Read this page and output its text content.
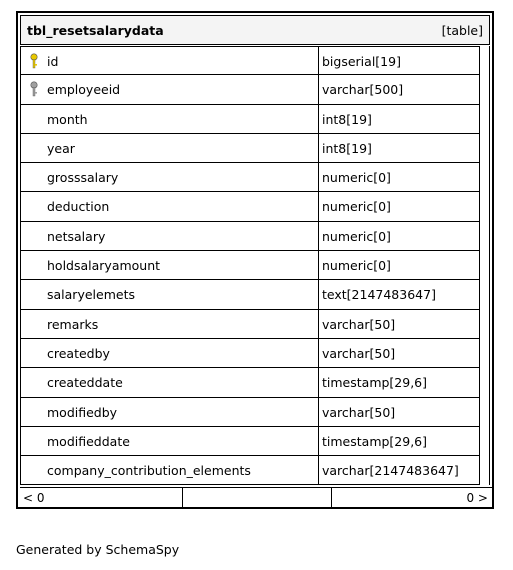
tbl_resetsalarydata	[table]
id	bigserial[19]
employeeid	varchar[500]
month	int8[19]
year	int8[19]
grosssalary	numeric[0]
deduction	numeric[0]
netsalary	numeric[0]
holdsalaryamount	numeric[0]
salaryelemets	text[2147483647]
remarks	varchar[50]
createdby	varchar[50]
createddate	timestamp[29,6]
modifiedby	varchar[50]
modifieddate	timestamp[29,6]
company_contribution_elements	varchar[2147483647]
< 0	0 >
Generated by SchemaSpy
